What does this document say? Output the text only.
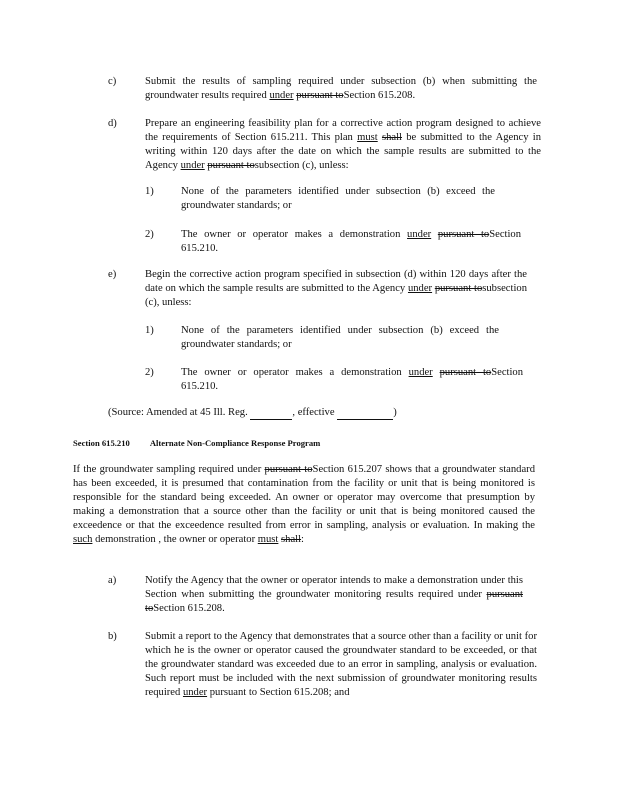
c)	Submit the results of sampling required under subsection (b) when submitting the groundwater results required under pursuant toSection 615.208.
d)	Prepare an engineering feasibility plan for a corrective action program designed to achieve the requirements of Section 615.211. This plan must shall be submitted to the Agency in writing within 120 days after the date on which the sample results are submitted to the Agency under pursuant tosubsection (c), unless:
1)	None of the parameters identified under subsection (b) exceed the groundwater standards; or
2)	The owner or operator makes a demonstration under pursuant toSection 615.210.
e)	Begin the corrective action program specified in subsection (d) within 120 days after the date on which the sample results are submitted to the Agency under pursuant tosubsection (c), unless:
1)	None of the parameters identified under subsection (b) exceed the groundwater standards; or
2)	The owner or operator makes a demonstration under pursuant toSection 615.210.
(Source: Amended at 45 Ill. Reg.	, effective	)
Section 615.210 Alternate Non-Compliance Response Program
If the groundwater sampling required under pursuant toSection 615.207 shows that a groundwater standard has been exceeded, it is presumed that contamination from the facility or unit that is being monitored is responsible for the standard being exceeded. An owner or operator may overcome that presumption by making a demonstration that a source other than the facility or unit that is being monitored caused the exceedence or that the exceedence resulted from error in sampling, analysis or evaluation. In making the such demonstration , the owner or operator must shall:
a)	Notify the Agency that the owner or operator intends to make a demonstration under this Section when submitting the groundwater monitoring results required under pursuant toSection 615.208.
b)	Submit a report to the Agency that demonstrates that a source other than a facility or unit for which he is the owner or operator caused the groundwater standard to be exceeded, or that the groundwater standard was exceeded due to an error in sampling, analysis or evaluation. Such report must be included with the next submission of groundwater monitoring results required under pursuant to Section 615.208; and
